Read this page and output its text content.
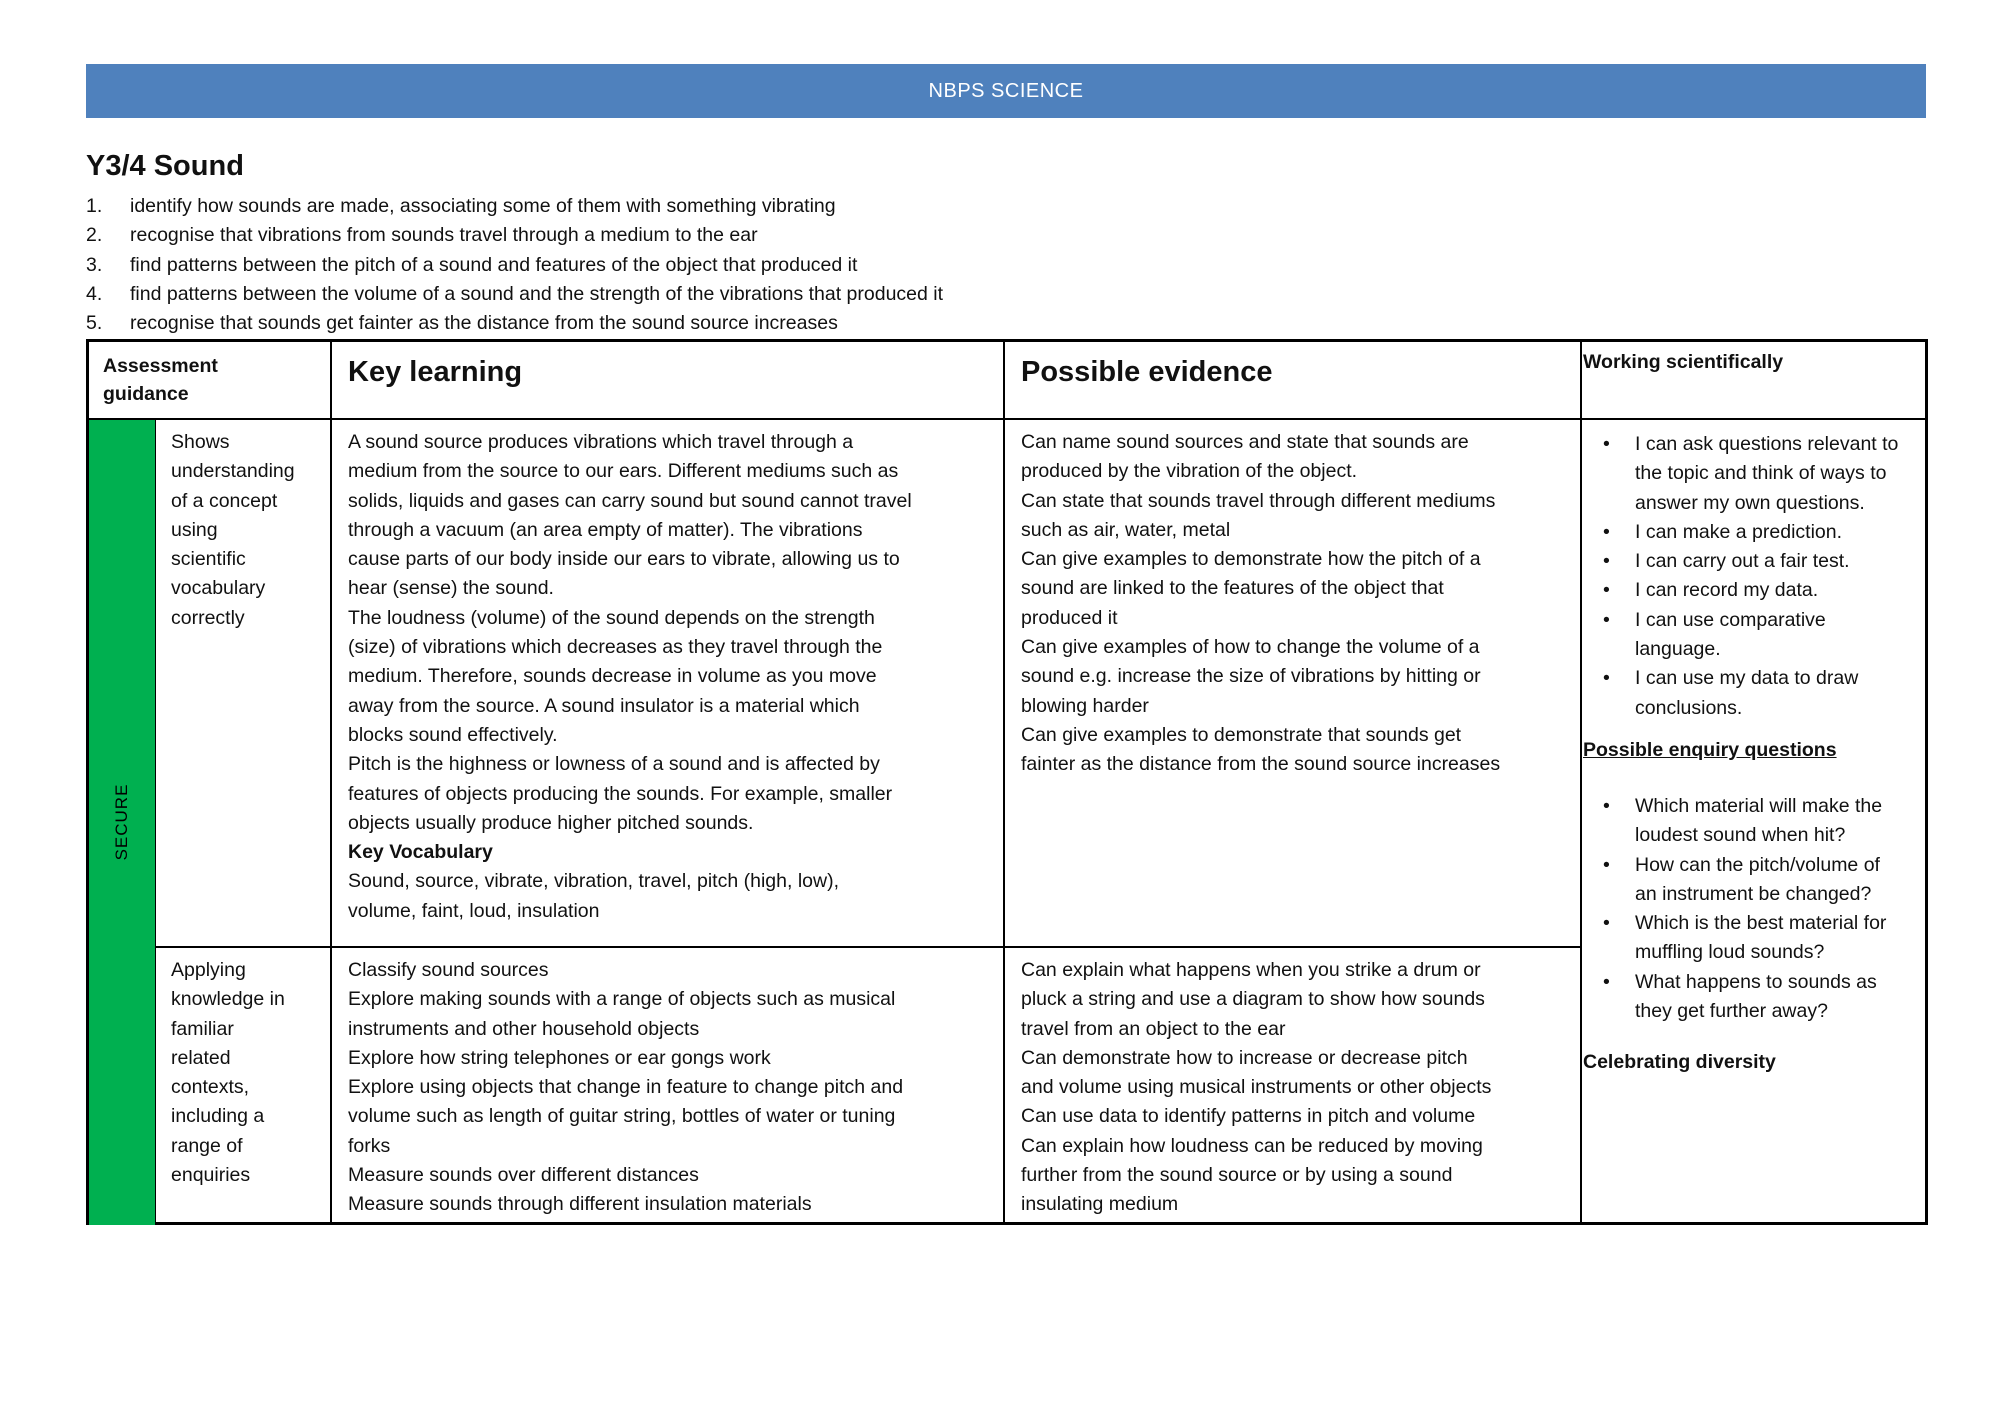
NBPS SCIENCE
Y3/4 Sound
1. identify how sounds are made, associating some of them with something vibrating
2. recognise that vibrations from sounds travel through a medium to the ear
3. find patterns between the pitch of a sound and features of the object that produced it
4. find patterns between the volume of a sound and the strength of the vibrations that produced it
5. recognise that sounds get fainter as the distance from the sound source increases
SECURE
Assessment
guidance
Key learning	Possible evidence	Working scientifically

Shows

understanding

of a concept

using

scientific

vocabulary

correctly

A sound source produces vibrations which travel through a

medium from the source to our ears. Different mediums such as

solids, liquids and gases can carry sound but sound cannot travel

through a vacuum (an area empty of matter). The vibrations

cause parts of our body inside our ears to vibrate, allowing us to

hear (sense) the sound.

The loudness (volume) of the sound depends on the strength

(size) of vibrations which decreases as they travel through the

medium. Therefore, sounds decrease in volume as you move

away from the source. A sound insulator is a material which

blocks sound effectively.

Pitch is the highness or lowness of a sound and is affected by

features of objects producing the sounds. For example, smaller

objects usually produce higher pitched sounds.

Key Vocabulary

Sound, source, vibrate, vibration, travel, pitch (high, low),

volume, faint, loud, insulation

Can name sound sources and state that sounds are

produced by the vibration of the object.

Can state that sounds travel through different mediums

such as air, water, metal

Can give examples to demonstrate how the pitch of a

sound are linked to the features of the object that

produced it

Can give examples of how to change the volume of a

sound e.g. increase the size of vibrations by hitting or

blowing harder

Can give examples to demonstrate that sounds get

fainter as the distance from the sound source increases

Applying

knowledge in

familiar

related

contexts,

including a

range of

enquiries

Classify sound sources

Explore making sounds with a range of objects such as musical

instruments and other household objects

Explore how string telephones or ear gongs work

Explore using objects that change in feature to change pitch and

volume such as length of guitar string, bottles of water or tuning

forks

Measure sounds over different distances

Measure sounds through different insulation materials

Can explain what happens when you strike a drum or

pluck a string and use a diagram to show how sounds

travel from an object to the ear

Can demonstrate how to increase or decrease pitch

and volume using musical instruments or other objects

Can use data to identify patterns in pitch and volume

Can explain how loudness can be reduced by moving

further from the sound source or by using a sound

insulating medium

• I can ask questions relevant to
the topic and think of ways to
answer my own questions.
• I can make a prediction.
• I can carry out a fair test.
• I can record my data.
• I can use comparative
language.
• I can use my data to draw
conclusions.
Possible enquiry questions
• Which material will make the
loudest sound when hit?
• How can the pitch/volume of
an instrument be changed?
• Which is the best material for
muffling loud sounds?
• What happens to sounds as
they get further away?
Celebrating diversity
